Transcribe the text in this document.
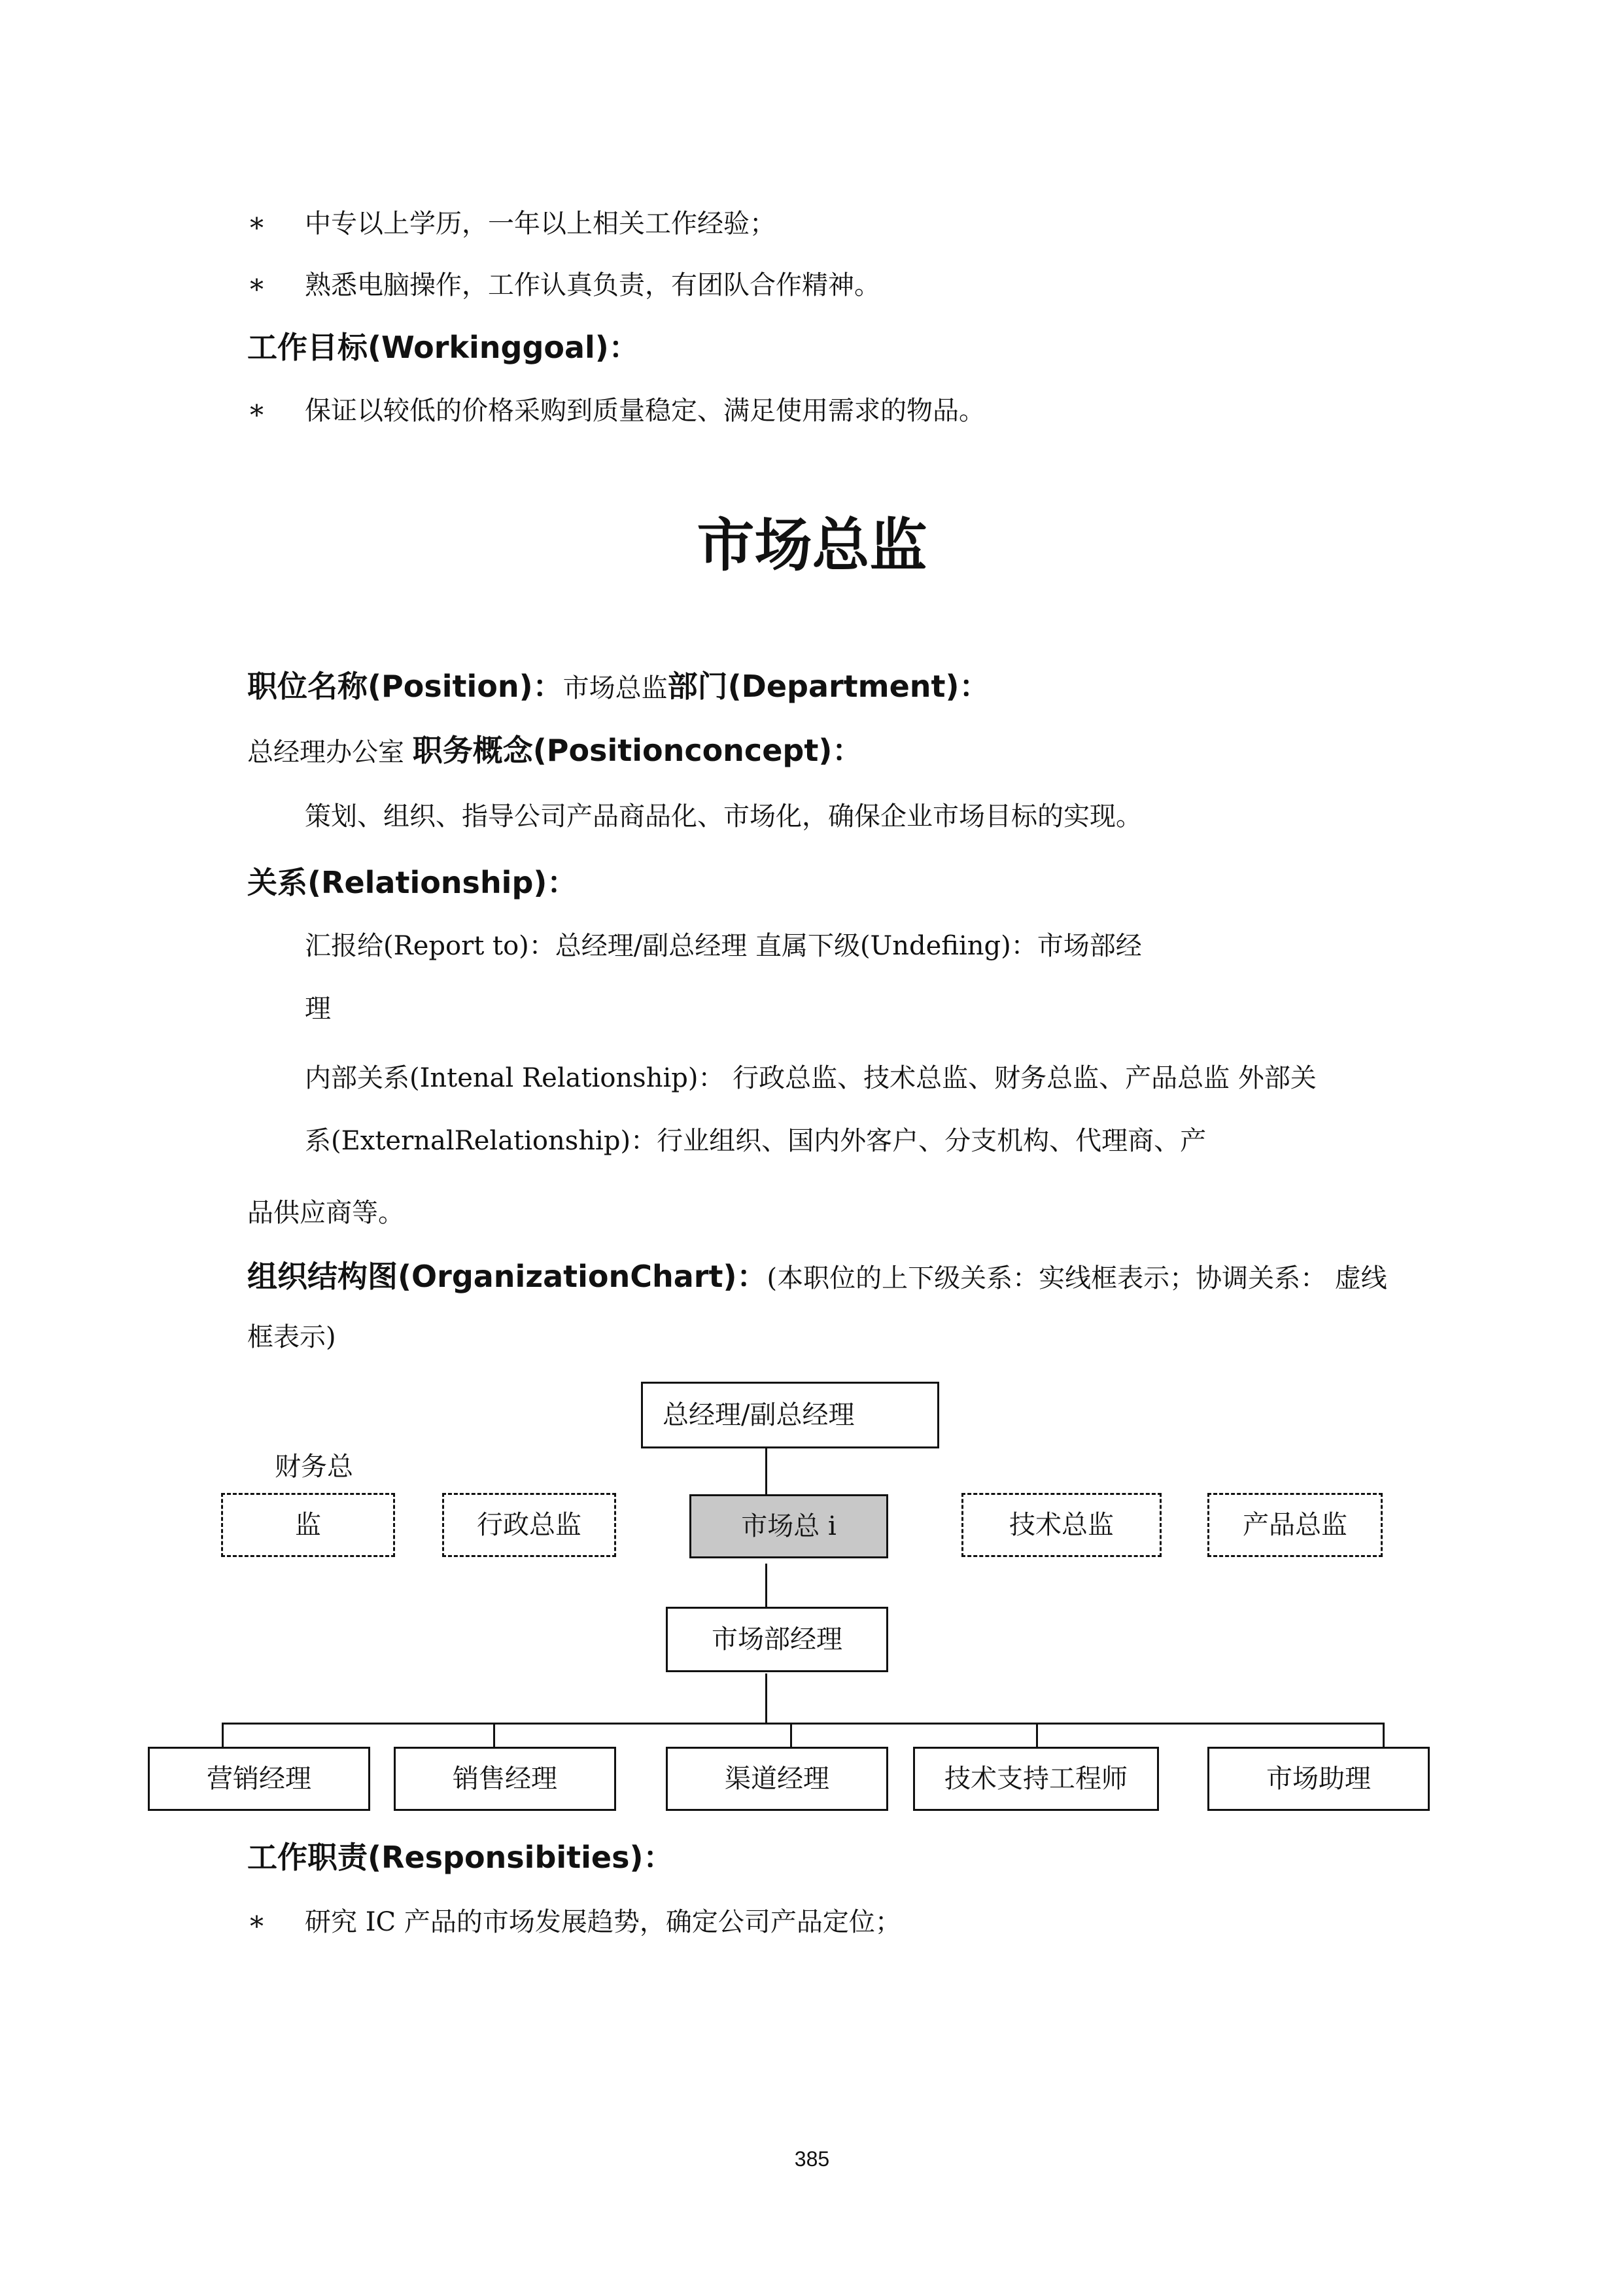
* 中专以上学历，一年以上相关工作经验；
* 熟悉电脑操作，工作认真负责，有团队合作精神。
工作目标(Workinggoal)：
* 保证以较低的价格采购到质量稳定、满足使用需求的物品。
市场总监
职位名称(Position)：市场总监部门(Department)：
总经理办公室 职务概念(Positionconcept)：
策划、组织、指导公司产品商品化、市场化，确保企业市场目标的实现。
关系(Relationship)：
汇报给(Report to)：总经理/副总经理 直属下级(Undefiing)：市场部经
理
内部关系(Intenal Relationship)： 行政总监、技术总监、财务总监、产品总监 外部关
系(ExternalRelationship)：行业组织、国内外客户、分支机构、代理商、产
品供应商等。
组织结构图(OrganizationChart)：(本职位的上下级关系：实线框表示；协调关系： 虚线
框表示)
总经理/副总经理
财务总
监	行政总监	市场总 i	技术总监	产品总监
市场部经理
营销经理	销售经理	渠道经理	技术支持工程师	市场助理
工作职责(Responsibities)：
* 研究 IC 产品的市场发展趋势，确定公司产品定位；
385
